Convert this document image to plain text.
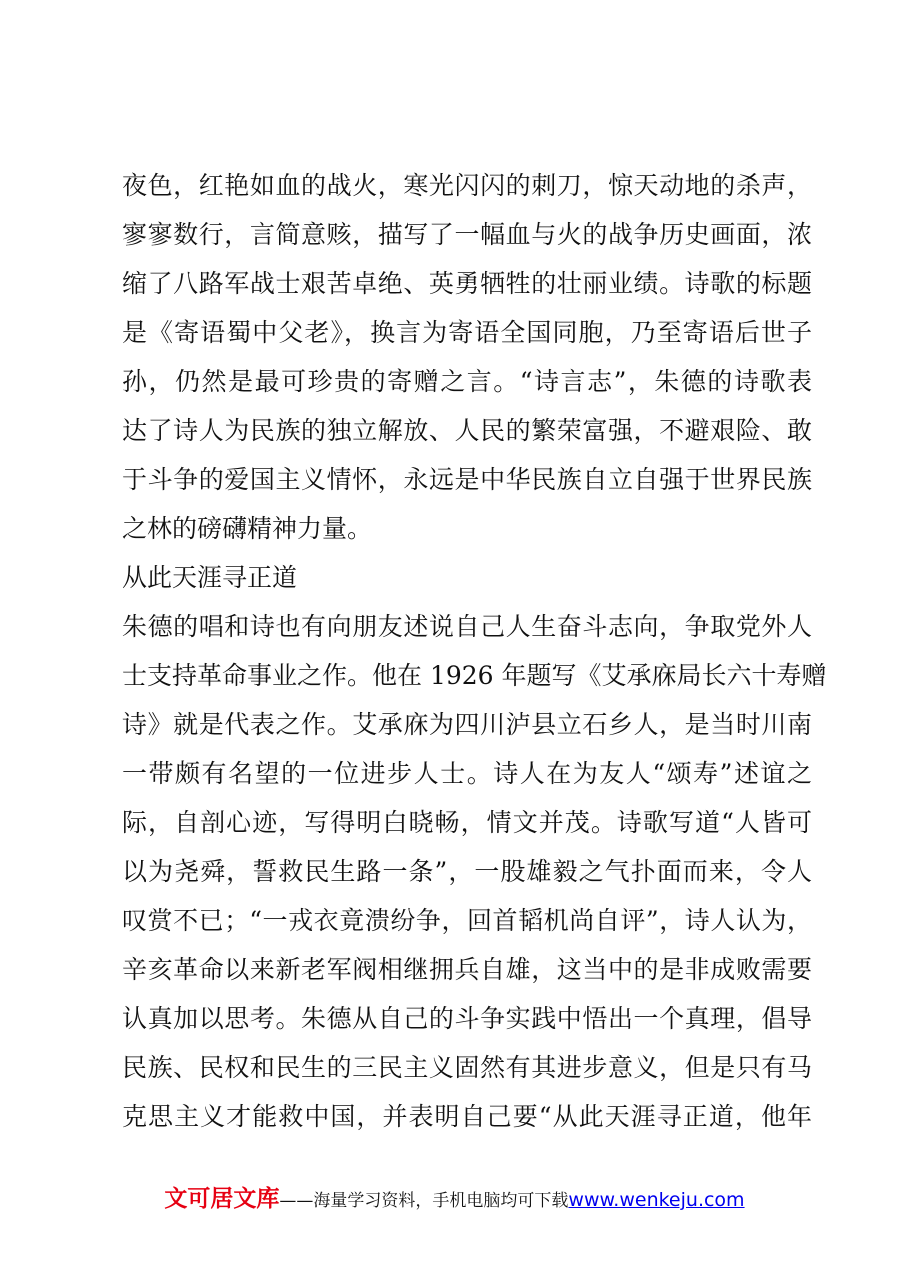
夜色，红艳如血的战火，寒光闪闪的刺刀，惊天动地的杀声，
寥寥数行，言简意赅，描写了一幅血与火的战争历史画面，浓
缩了八路军战士艰苦卓绝、英勇牺牲的壮丽业绩。诗歌的标题
是《寄语蜀中父老》，换言为寄语全国同胞，乃至寄语后世子
孙，仍然是最可珍贵的寄赠之言。“诗言志”，朱德的诗歌表
达了诗人为民族的独立解放、人民的繁荣富强，不避艰险、敢
于斗争的爱国主义情怀，永远是中华民族自立自强于世界民族
之林的磅礴精神力量。
从此天涯寻正道
朱德的唱和诗也有向朋友述说自己人生奋斗志向，争取党外人
士支持革命事业之作。他在 1926 年题写《艾承庥局长六十寿赠
诗》就是代表之作。艾承庥为四川泸县立石乡人，是当时川南
一带颇有名望的一位进步人士。诗人在为友人“颂寿”述谊之
际，自剖心迹，写得明白晓畅，情文并茂。诗歌写道“人皆可
以为尧舜，誓救民生路一条”，一股雄毅之气扑面而来，令人
叹赏不已；“一戎衣竟溃纷争，回首韬机尚自评”，诗人认为，
辛亥革命以来新老军阀相继拥兵自雄，这当中的是非成败需要
认真加以思考。朱德从自己的斗争实践中悟出一个真理，倡导
民族、民权和民生的三民主义固然有其进步意义，但是只有马
克思主义才能救中国，并表明自己要“从此天涯寻正道，他年
文可居文库——海量学习资料，手机电脑均可下载www.wenkeju.com
